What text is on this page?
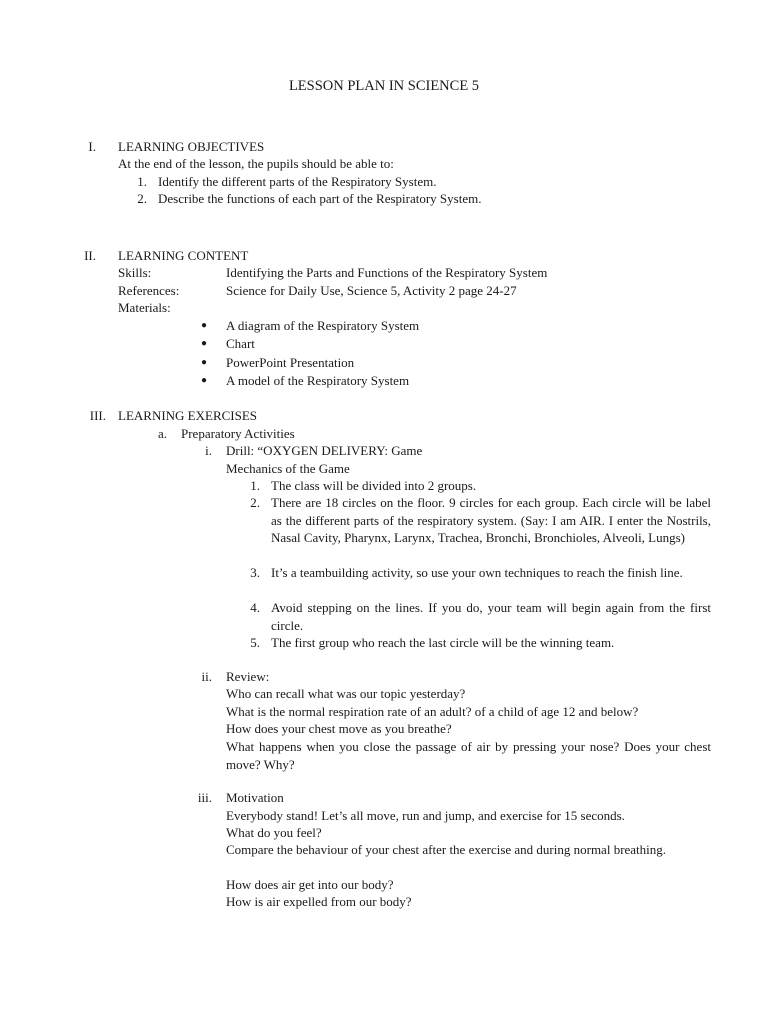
LESSON PLAN IN SCIENCE 5
I. LEARNING OBJECTIVES
At the end of the lesson, the pupils should be able to:
1. Identify the different parts of the Respiratory System.
2. Describe the functions of each part of the Respiratory System.
II. LEARNING CONTENT
Skills:	Identifying the Parts and Functions of the Respiratory System
References:	Science for Daily Use, Science 5, Activity 2 page 24-27
Materials:
● A diagram of the Respiratory System
● Chart
● PowerPoint Presentation
● A model of the Respiratory System
III. LEARNING EXERCISES
a. Preparatory Activities
i. Drill: “OXYGEN DELIVERY: Game
Mechanics of the Game
1. The class will be divided into 2 groups.
2. There are 18 circles on the floor. 9 circles for each group. Each circle will be label as the different parts of the respiratory system. (Say: I am AIR. I enter the Nostrils, Nasal Cavity, Pharynx, Larynx, Trachea, Bronchi, Bronchioles, Alveoli, Lungs)
3. It’s a teambuilding activity, so use your own techniques to reach the finish line.
4. Avoid stepping on the lines. If you do, your team will begin again from the first circle.
5. The first group who reach the last circle will be the winning team.
ii. Review:
Who can recall what was our topic yesterday?
What is the normal respiration rate of an adult? of a child of age 12 and below?
How does your chest move as you breathe?
What happens when you close the passage of air by pressing your nose? Does your chest move? Why?
iii. Motivation
Everybody stand! Let’s all move, run and jump, and exercise for 15 seconds.
What do you feel?
Compare the behaviour of your chest after the exercise and during normal breathing.
How does air get into our body?
How is air expelled from our body?
